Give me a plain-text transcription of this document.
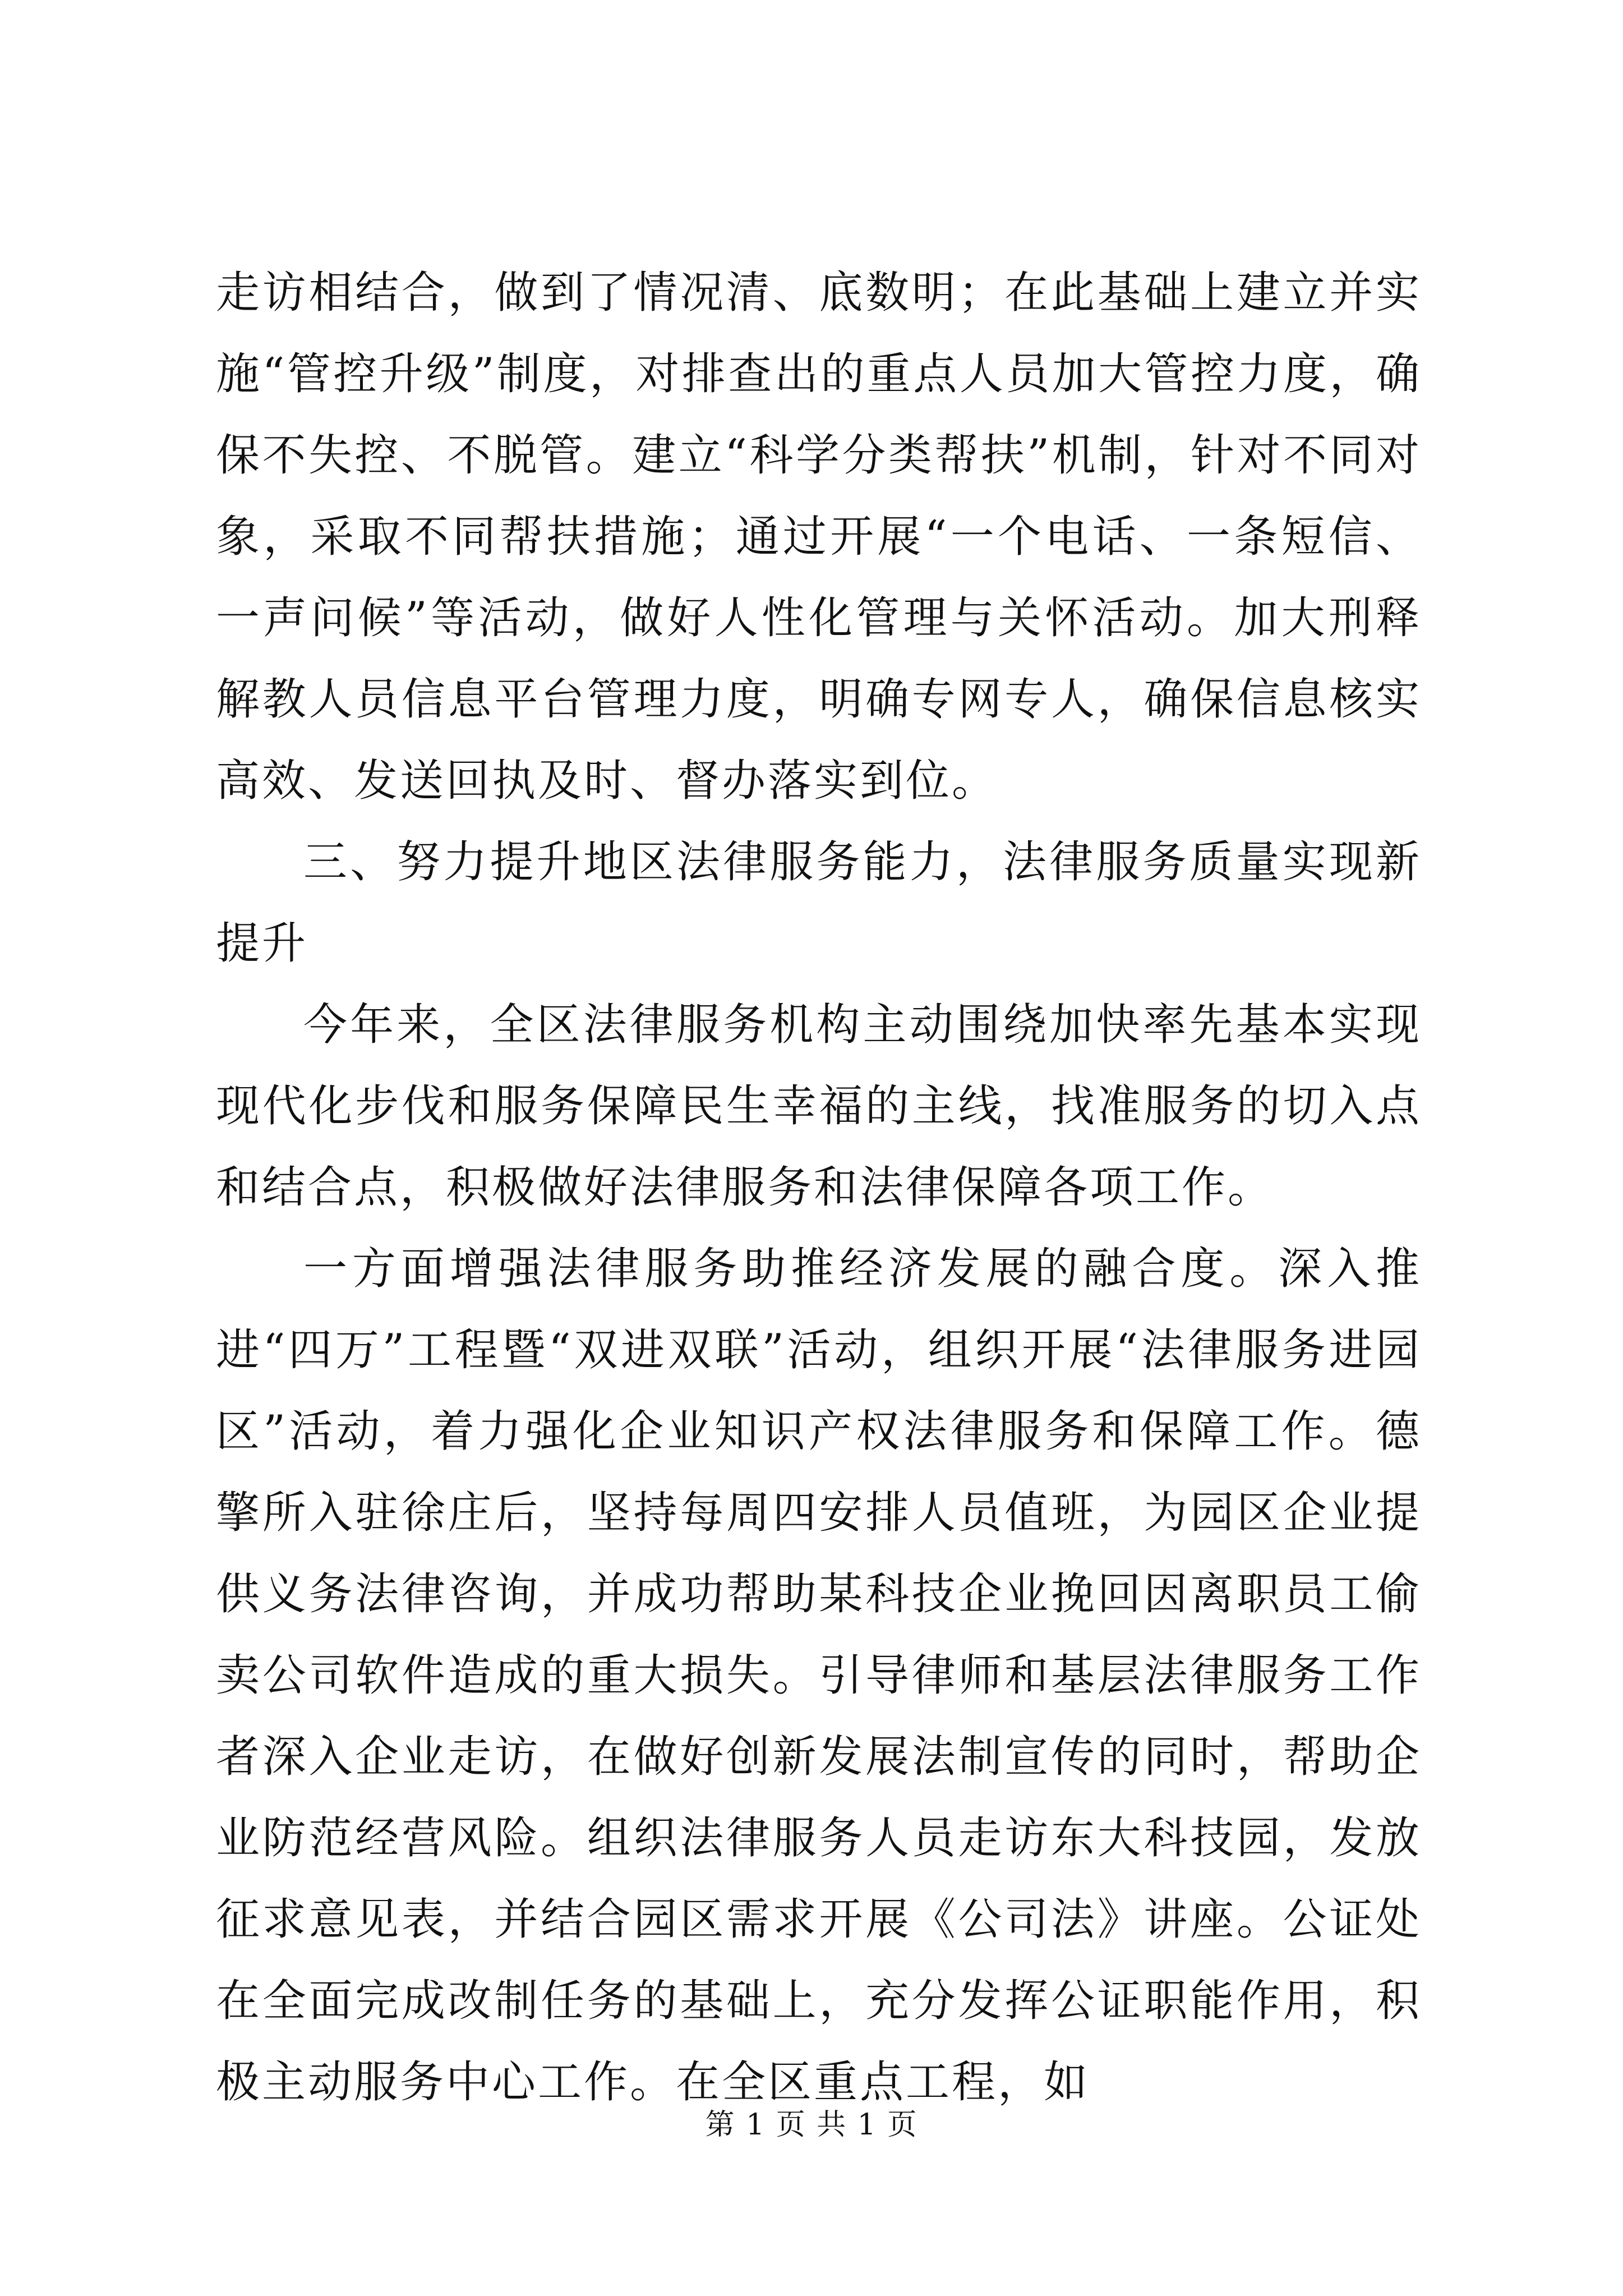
走访相结合，做到了情况清、底数明；在此基础上建立并实施“管控升级”制度，对排查出的重点人员加大管控力度，确保不失控、不脱管。建立“科学分类帮扶”机制，针对不同对象，采取不同帮扶措施；通过开展“一个电话、一条短信、一声问候”等活动，做好人性化管理与关怀活动。加大刑释解教人员信息平台管理力度，明确专网专人，确保信息核实高效、发送回执及时、督办落实到位。

三、努力提升地区法律服务能力，法律服务质量实现新提升

今年来，全区法律服务机构主动围绕加快率先基本实现现代化步伐和服务保障民生幸福的主线，找准服务的切入点和结合点，积极做好法律服务和法律保障各项工作。

一方面增强法律服务助推经济发展的融合度。深入推进“四万”工程暨“双进双联”活动，组织开展“法律服务进园区”活动，着力强化企业知识产权法律服务和保障工作。德擎所入驻徐庄后，坚持每周四安排人员值班，为园区企业提供义务法律咨询，并成功帮助某科技企业挽回因离职员工偷卖公司软件造成的重大损失。引导律师和基层法律服务工作者深入企业走访，在做好创新发展法制宣传的同时，帮助企业防范经营风险。组织法律服务人员走访东大科技园，发放征求意见表，并结合园区需求开展《公司法》讲座。公证处在全面完成改制任务的基础上，充分发挥公证职能作用，积极主动服务中心工作。在全区重点工程，如

第 1 页 共 1 页
